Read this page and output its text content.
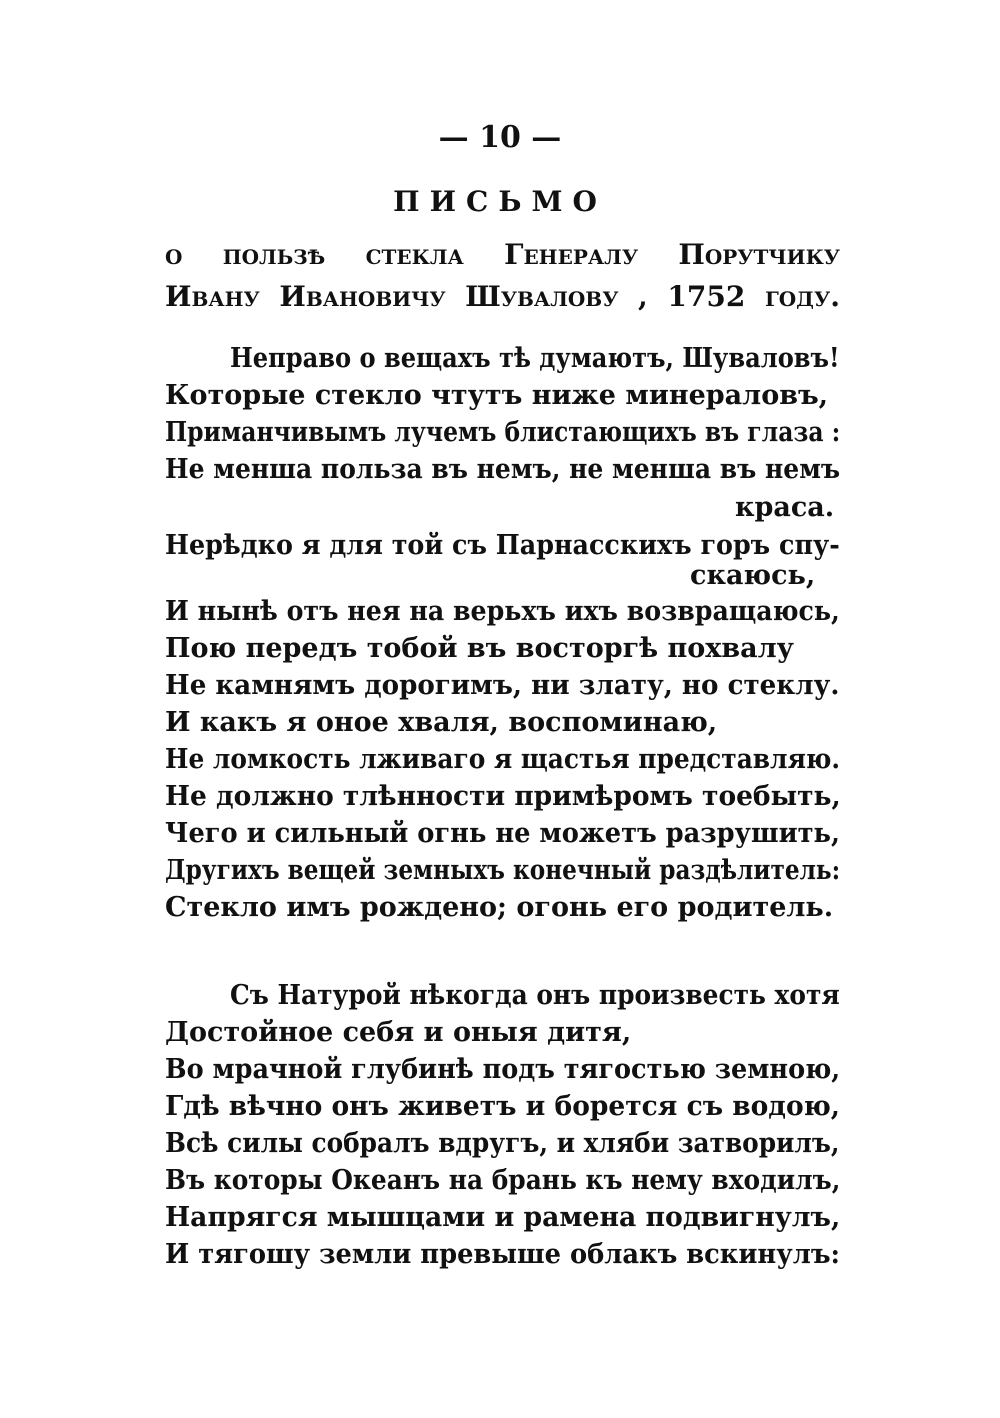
— 10 —
ПИСЬМО
о пользѣ стекла Генералу Порутчику
Ивану Ивановичу Шувалову , 1752 году.
Неправо о вещахъ тѣ думаютъ, Шуваловъ!
Которые стекло чтутъ ниже минераловъ,
Приманчивымъ лучемъ блистающихъ въ глаза :
Не менша польза въ немъ, не менша въ немъ
краса.
Нерѣдко я для той съ Парнасскихъ горъ спу-
скаюсь,
И нынѣ отъ нея на верьхъ ихъ возвращаюсь,
Пою передъ тобой въ восторгѣ похвалу
Не камнямъ дорогимъ, ни злату, но стеклу.
И какъ я оное хваля, воспоминаю,
Не ломкость лживаго я щастья представляю.
Не должно тлѣнности примѣромъ тоебыть,
Чего и сильный огнь не можетъ разрушить,
Другихъ вещей земныхъ конечный раздѣлитель:
Стекло имъ рождено; огонь его родитель.
Съ Натурой нѣкогда онъ произвесть хотя
Достойное себя и оныя дитя,
Во мрачной глубинѣ подъ тягостью земною,
Гдѣ вѣчно онъ живетъ и борется съ водою,
Всѣ силы собралъ вдругъ, и хляби затворилъ,
Въ которы Океанъ на брань къ нему входилъ,
Напрягся мышцами и рамена подвигнулъ,
И тягошу земли превыше облакъ вскинулъ:
